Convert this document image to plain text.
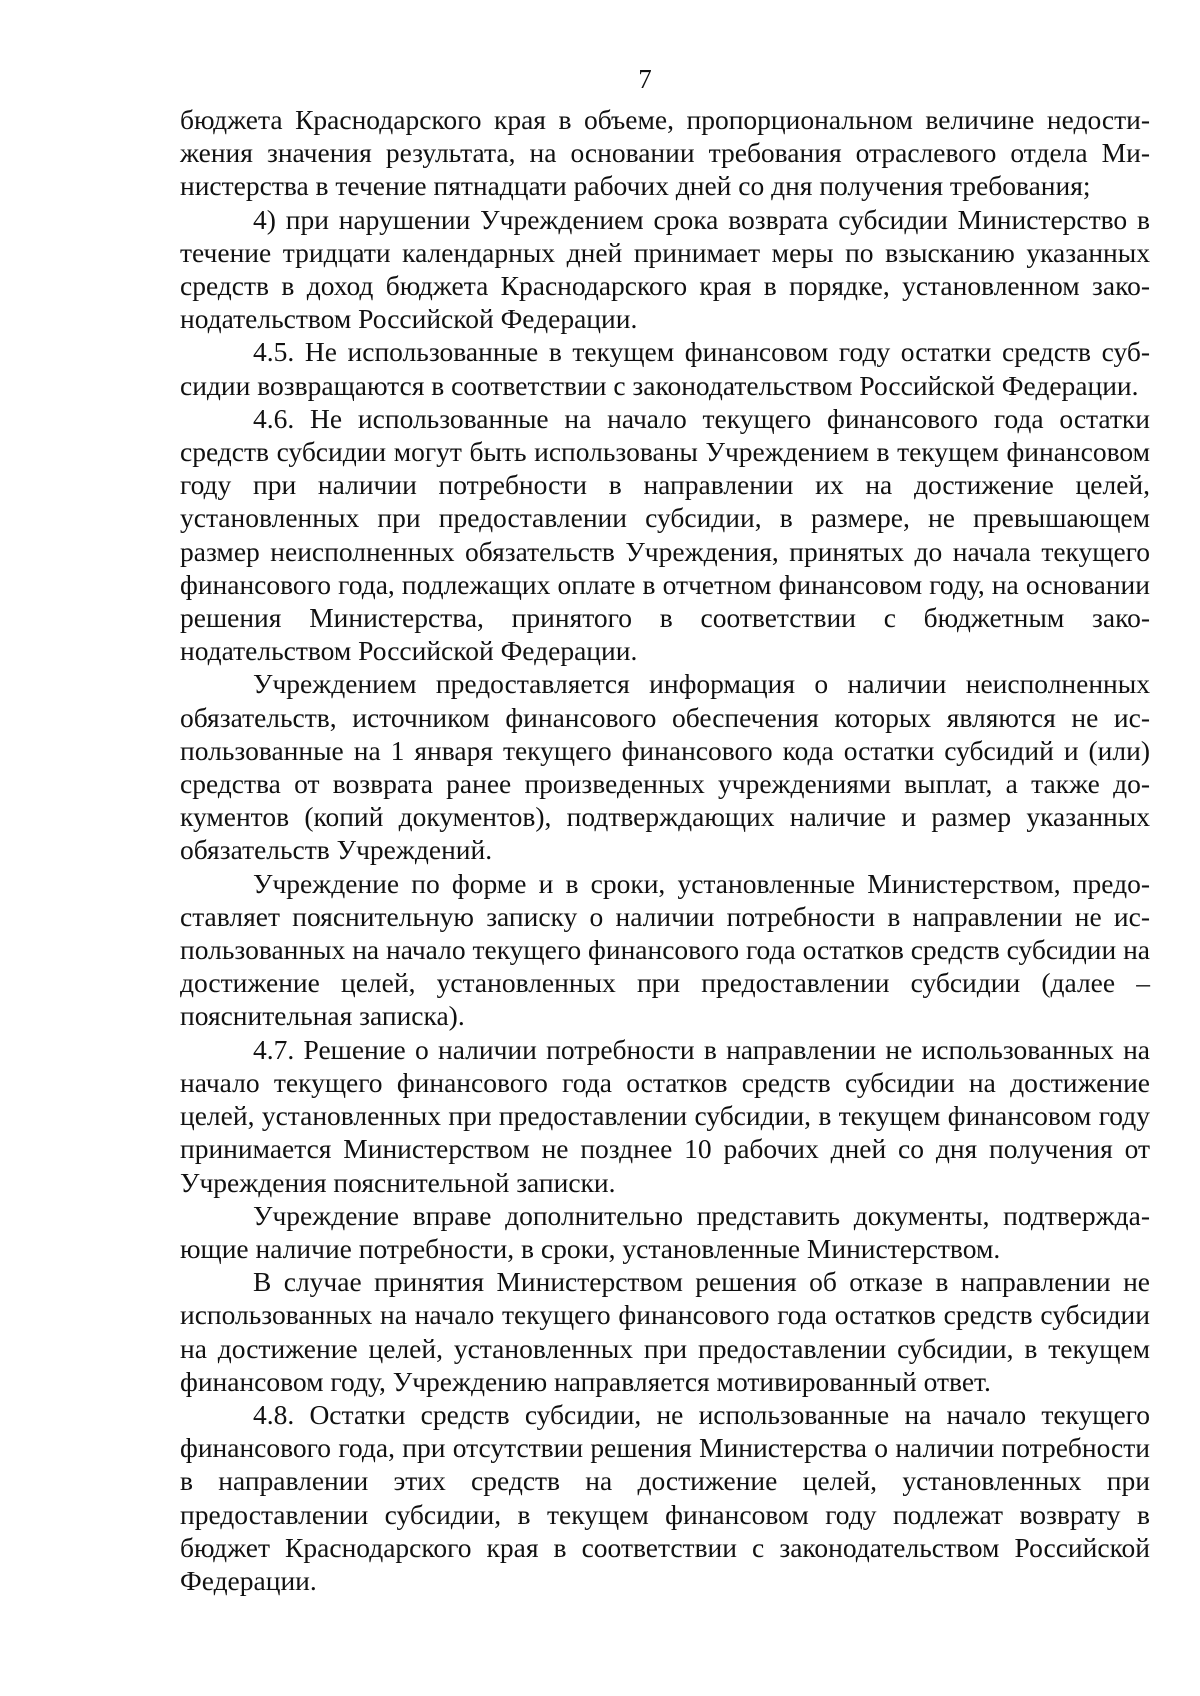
7

бюджета Краснодарского края в объеме, пропорциональном величине недостижения значения результата, на основании требования отраслевого отдела Министерства в течение пятнадцати рабочих дней со дня получения требования;

4) при нарушении Учреждением срока возврата субсидии Министерство в течение тридцати календарных дней принимает меры по взысканию указанных средств в доход бюджета Краснодарского края в порядке, установленном законодательством Российской Федерации.

4.5. Не использованные в текущем финансовом году остатки средств субсидии возвращаются в соответствии с законодательством Российской Федерации.

4.6. Не использованные на начало текущего финансового года остатки средств субсидии могут быть использованы Учреждением в текущем финансовом году при наличии потребности в направлении их на достижение целей, установленных при предоставлении субсидии, в размере, не превышающем размер неисполненных обязательств Учреждения, принятых до начала текущего финансового года, подлежащих оплате в отчетном финансовом году, на основании решения Министерства, принятого в соответствии с бюджетным законодательством Российской Федерации.

Учреждением предоставляется информация о наличии неисполненных обязательств, источником финансового обеспечения которых являются не использованные на 1 января текущего финансового кода остатки субсидий и (или) средства от возврата ранее произведенных учреждениями выплат, а также документов (копий документов), подтверждающих наличие и размер указанных обязательств Учреждений.

Учреждение по форме и в сроки, установленные Министерством, предоставляет пояснительную записку о наличии потребности в направлении не использованных на начало текущего финансового года остатков средств субсидии на достижение целей, установленных при предоставлении субсидии (далее – пояснительная записка).

4.7. Решение о наличии потребности в направлении не использованных на начало текущего финансового года остатков средств субсидии на достижение целей, установленных при предоставлении субсидии, в текущем финансовом году принимается Министерством не позднее 10 рабочих дней со дня получения от Учреждения пояснительной записки.

Учреждение вправе дополнительно представить документы, подтверждающие наличие потребности, в сроки, установленные Министерством.

В случае принятия Министерством решения об отказе в направлении не использованных на начало текущего финансового года остатков средств субсидии на достижение целей, установленных при предоставлении субсидии, в текущем финансовом году, Учреждению направляется мотивированный ответ.

4.8. Остатки средств субсидии, не использованные на начало текущего финансового года, при отсутствии решения Министерства о наличии потребности в направлении этих средств на достижение целей, установленных при предоставлении субсидии, в текущем финансовом году подлежат возврату в бюджет Краснодарского края в соответствии с законодательством Российской Федерации.
